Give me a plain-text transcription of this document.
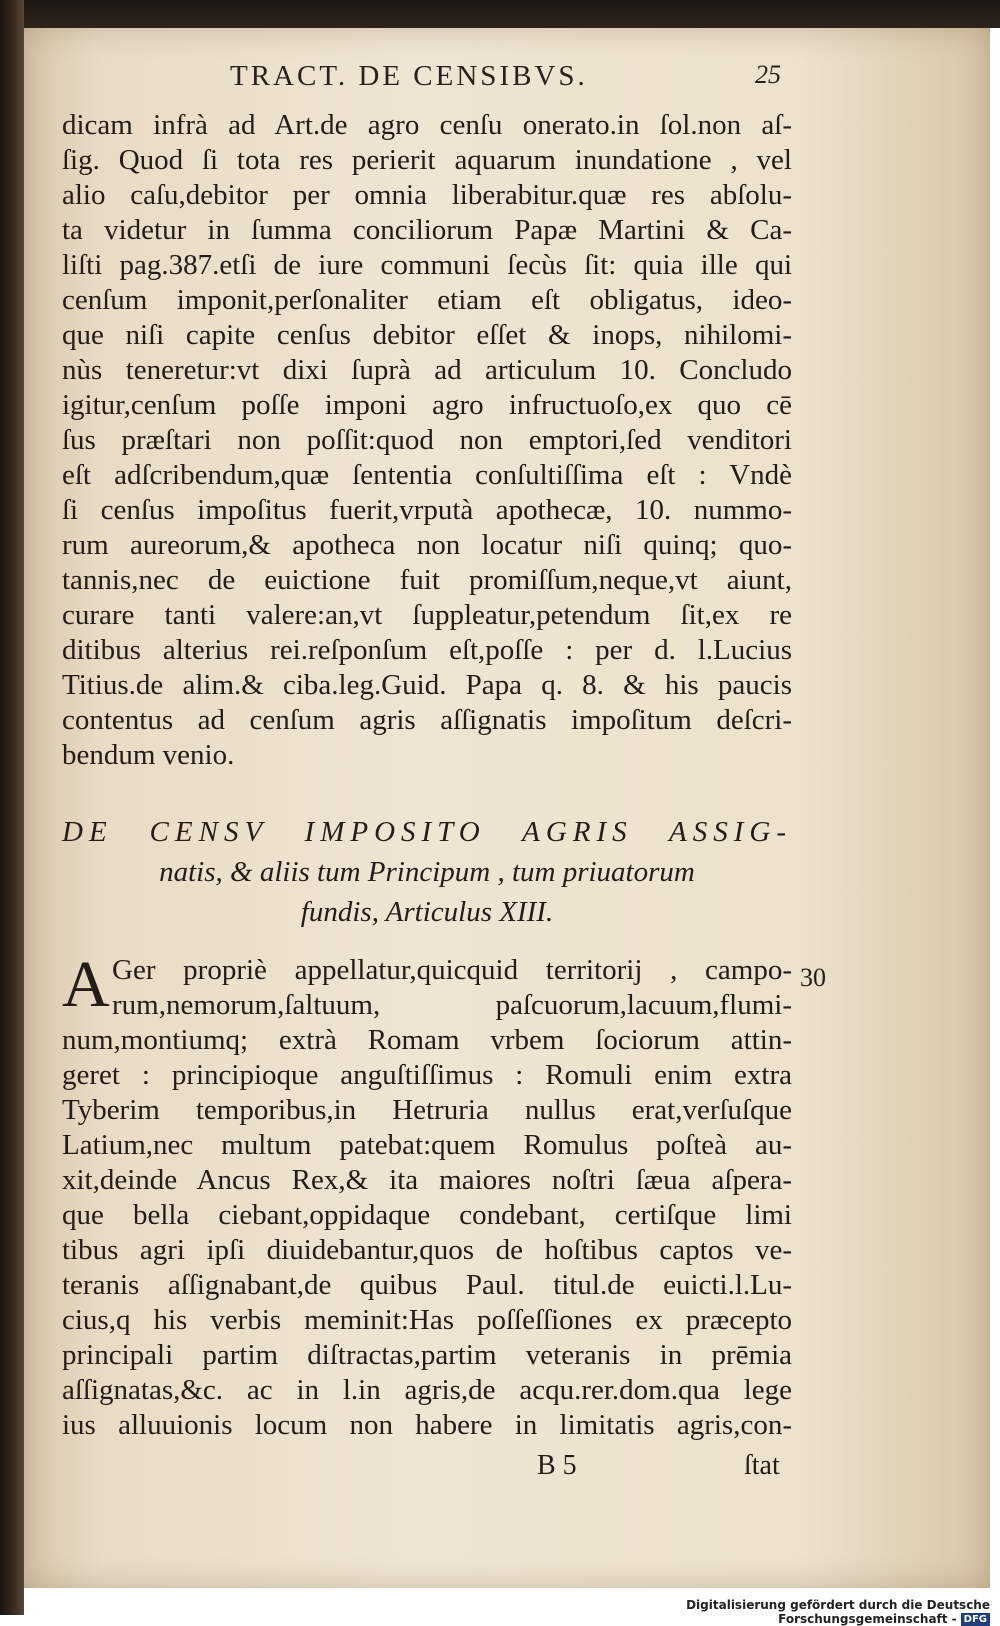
TRACT. DE CENSIBVS.	25
dicam infrà ad Art.de agro cenſu onerato.in ſol.non aſ-
ſig. Quod ſi tota res perierit aquarum inundatione , vel
alio caſu,debitor per omnia liberabitur.quæ res abſolu-
ta videtur in ſumma conciliorum Papæ Martini & Ca-
liſti pag.387.etſi de iure communi ſecùs ſit: quia ille qui
cenſum imponit,perſonaliter etiam eſt obligatus, ideo-
que niſi capite cenſus debitor eſſet & inops, nihilomi-
nùs teneretur:vt dixi ſuprà ad articulum 10. Concludo
igitur,cenſum poſſe imponi agro infructuoſo,ex quo cē
ſus præſtari non poſſit:quod non emptori,ſed venditori
eſt adſcribendum,quæ ſententia conſultiſſima eſt : Vndè
ſi cenſus impoſitus fuerit,vrputà apothecæ, 10. nummo-
rum aureorum,& apotheca non locatur niſi quinq; quo-
tannis,nec de euictione fuit promiſſum,neque,vt aiunt,
curare tanti valere:an,vt ſuppleatur,petendum ſit,ex re
ditibus alterius rei.reſponſum eſt,poſſe : per d. l.Lucius
Titius.de alim.& ciba.leg.Guid. Papa q. 8. & his paucis
contentus ad cenſum agris aſſignatis impoſitum deſcri-
bendum venio.
DE CENSV IMPOSITO AGRIS ASSIG-
natis, & aliis tum Principum , tum priuatorum
fundis, Articulus XIII.
A	30
Ger propriè appellatur,quicquid territorij , campo-
rum,nemorum,ſaltuum, paſcuorum,lacuum,flumi-
num,montiumq; extrà Romam vrbem ſociorum attin-
geret : principioque anguſtiſſimus : Romuli enim extra
Tyberim temporibus,in Hetruria nullus erat,verſuſque
Latium,nec multum patebat:quem Romulus poſteà au-
xit,deinde Ancus Rex,& ita maiores noſtri ſæua aſpera-
que bella ciebant,oppidaque condebant, certiſque limi
tibus agri ipſi diuidebantur,quos de hoſtibus captos ve-
teranis aſſignabant,de quibus Paul. titul.de euicti.l.Lu-
cius,q his verbis meminit:Has poſſeſſiones ex præcepto
principali partim diſtractas,partim veteranis in prēmia
aſſignatas,&c. ac in l.in agris,de acqu.rer.dom.qua lege
ius alluuionis locum non habere in limitatis agris,con-
B 5	ſtat
Digitalisierung gefördert durch die Deutsche Forschungsgemeinschaft - DFG
